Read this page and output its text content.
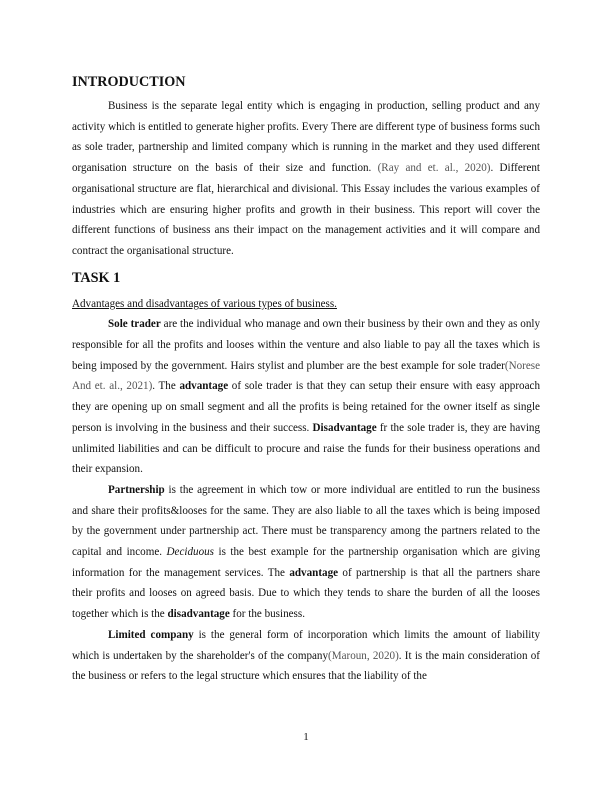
INTRODUCTION

Business is the separate legal entity which is engaging in production, selling product and any activity which is entitled to generate higher profits. Every There are different type of business forms such as sole trader, partnership and limited company which is running in the market and they used different organisation structure on the basis of their size and function. (Ray and et. al., 2020). Different organisational structure are flat, hierarchical and divisional. This Essay includes the various examples of industries which are ensuring higher profits and growth in their business. This report will cover the different functions of business ans their impact on the management activities and it will compare and contract the organisational structure.

TASK 1

Advantages and disadvantages of various types of business.

Sole trader are the individual who manage and own their business by their own and they as only responsible for all the profits and looses within the venture and also liable to pay all the taxes which is being imposed by the government. Hairs stylist and plumber are the best example for sole trader(Norese And et. al., 2021). The advantage of sole trader is that they can setup their ensure with easy approach they are opening up on small segment and all the profits is being retained for the owner itself as single person is involving in the business and their success. Disadvantage fr the sole trader is, they are having unlimited liabilities and can be difficult to procure and raise the funds for their business operations and their expansion.

Partnership is the agreement in which tow or more individual are entitled to run the business and share their profits&looses for the same. They are also liable to all the taxes which is being imposed by the government under partnership act. There must be transparency among the partners related to the capital and income. Deciduous is the best example for the partnership organisation which are giving information for the management services. The advantage of partnership is that all the partners share their profits and looses on agreed basis. Due to which they tends to share the burden of all the looses together which is the disadvantage for the business.

Limited company is the general form of incorporation which limits the amount of liability which is undertaken by the shareholder's of the company(Maroun, 2020). It is the main consideration of the business or refers to the legal structure which ensures that the liability of the

1
